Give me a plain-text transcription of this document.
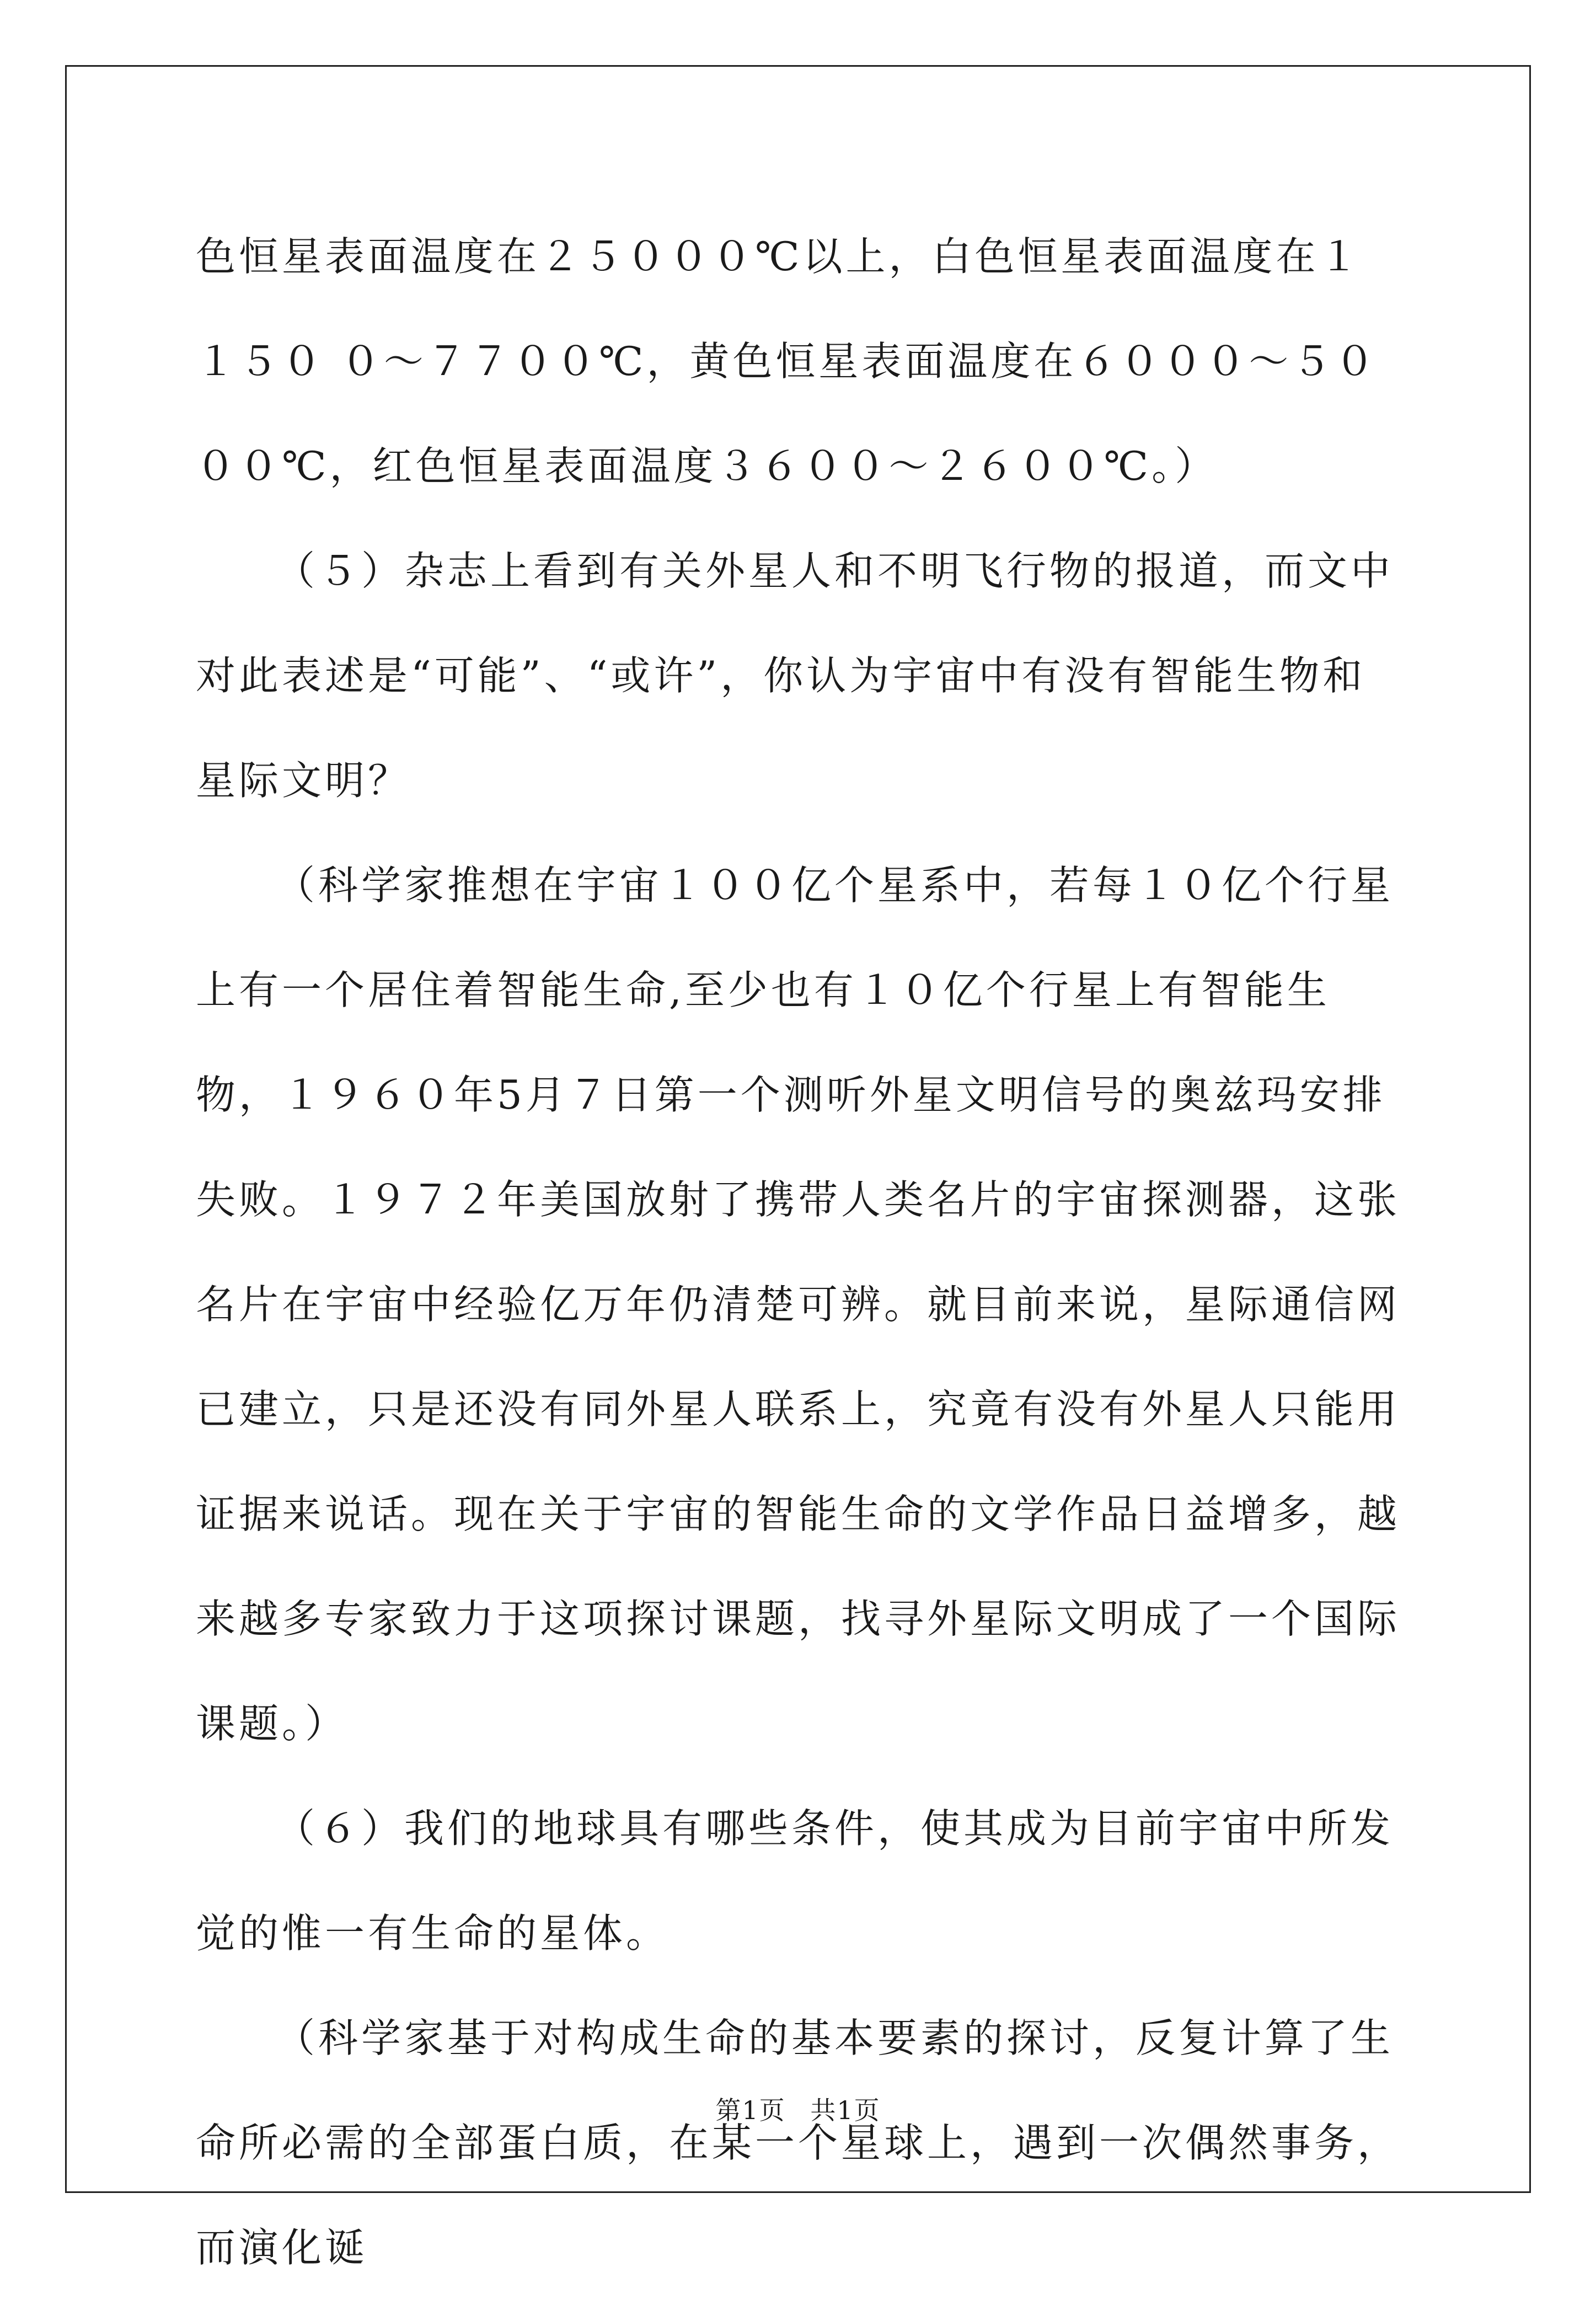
色恒星表面温度在２５０００℃以上，白色恒星表面温度在１１５０ ０～７７００℃，黄色恒星表面温度在６０００～５０００℃，红色恒星表面温度３６００～２６００℃。）

（５）杂志上看到有关外星人和不明飞行物的报道，而文中对此表述是“可能”、“或许”，你认为宇宙中有没有智能生物和星际文明？

（科学家推想在宇宙１００亿个星系中，若每１０亿个行星上有一个居住着智能生命,至少也有１０亿个行星上有智能生物，１９６０年5月７日第一个测听外星文明信号的奥兹玛安排失败。１９７２年美国放射了携带人类名片的宇宙探测器，这张名片在宇宙中经验亿万年仍清楚可辨。就目前来说，星际通信网已建立，只是还没有同外星人联系上，究竟有没有外星人只能用证据来说话。现在关于宇宙的智能生命的文学作品日益增多，越来越多专家致力于这项探讨课题，找寻外星际文明成了一个国际课题。）

（６）我们的地球具有哪些条件，使其成为目前宇宙中所发觉的惟一有生命的星体。

（科学家基于对构成生命的基本要素的探讨，反复计算了生命所必需的全部蛋白质，在某一个星球上，遇到一次偶然事务，而演化诞

第1页 共1页
